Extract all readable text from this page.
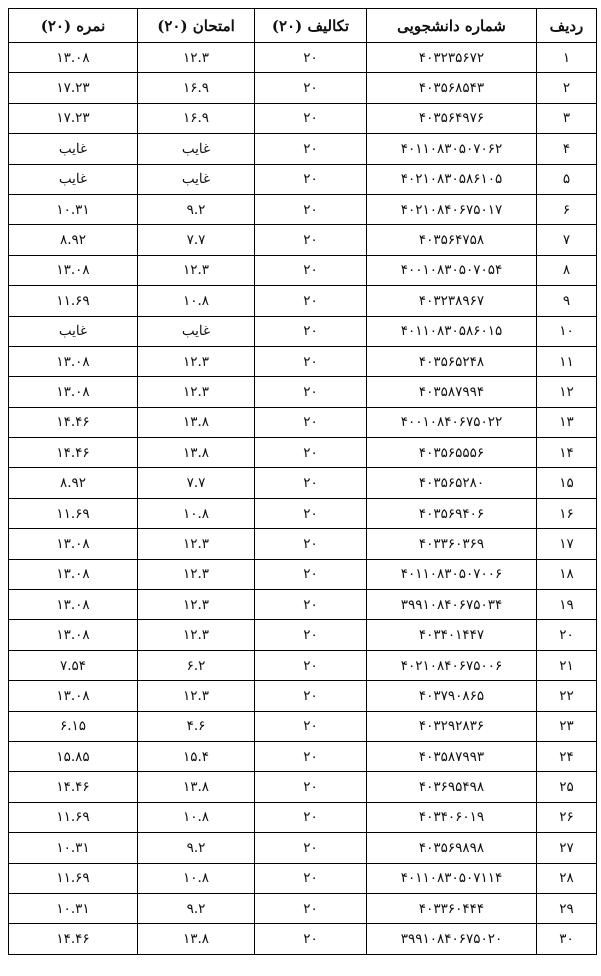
ردیف	شماره دانشجویی	تکالیف (۲۰)	امتحان (۲۰)	نمره (۲۰)
۱	۴۰۳۲۳۵۶۷۲	۲۰	۱۲.۳	۱۳.۰۸
۲	۴۰۳۵۶۸۵۴۳	۲۰	۱۶.۹	۱۷.۲۳
۳	۴۰۳۵۶۴۹۷۶	۲۰	۱۶.۹	۱۷.۲۳
۴	۴۰۱۱۰۸۳۰۵۰۷۰۶۲	۲۰	غایب	غایب
۵	۴۰۲۱۰۸۳۰۵۸۶۱۰۵	۲۰	غایب	غایب
۶	۴۰۲۱۰۸۴۰۶۷۵۰۱۷	۲۰	۹.۲	۱۰.۳۱
۷	۴۰۳۵۶۴۷۵۸	۲۰	۷.۷	۸.۹۲
۸	۴۰۰۱۰۸۳۰۵۰۷۰۵۴	۲۰	۱۲.۳	۱۳.۰۸
۹	۴۰۳۲۳۸۹۶۷	۲۰	۱۰.۸	۱۱.۶۹
۱۰	۴۰۱۱۰۸۳۰۵۸۶۰۱۵	۲۰	غایب	غایب
۱۱	۴۰۳۵۶۵۲۴۸	۲۰	۱۲.۳	۱۳.۰۸
۱۲	۴۰۳۵۸۷۹۹۴	۲۰	۱۲.۳	۱۳.۰۸
۱۳	۴۰۰۱۰۸۴۰۶۷۵۰۲۲	۲۰	۱۳.۸	۱۴.۴۶
۱۴	۴۰۳۵۶۵۵۵۶	۲۰	۱۳.۸	۱۴.۴۶
۱۵	۴۰۳۵۶۵۲۸۰	۲۰	۷.۷	۸.۹۲
۱۶	۴۰۳۵۶۹۴۰۶	۲۰	۱۰.۸	۱۱.۶۹
۱۷	۴۰۳۳۶۰۳۶۹	۲۰	۱۲.۳	۱۳.۰۸
۱۸	۴۰۱۱۰۸۳۰۵۰۷۰۰۶	۲۰	۱۲.۳	۱۳.۰۸
۱۹	۳۹۹۱۰۸۴۰۶۷۵۰۳۴	۲۰	۱۲.۳	۱۳.۰۸
۲۰	۴۰۳۴۰۱۴۴۷	۲۰	۱۲.۳	۱۳.۰۸
۲۱	۴۰۲۱۰۸۴۰۶۷۵۰۰۶	۲۰	۶.۲	۷.۵۴
۲۲	۴۰۳۷۹۰۸۶۵	۲۰	۱۲.۳	۱۳.۰۸
۲۳	۴۰۳۲۹۲۸۳۶	۲۰	۴.۶	۶.۱۵
۲۴	۴۰۳۵۸۷۹۹۳	۲۰	۱۵.۴	۱۵.۸۵
۲۵	۴۰۳۶۹۵۴۹۸	۲۰	۱۳.۸	۱۴.۴۶
۲۶	۴۰۳۴۰۶۰۱۹	۲۰	۱۰.۸	۱۱.۶۹
۲۷	۴۰۳۵۶۹۸۹۸	۲۰	۹.۲	۱۰.۳۱
۲۸	۴۰۱۱۰۸۳۰۵۰۷۱۱۴	۲۰	۱۰.۸	۱۱.۶۹
۲۹	۴۰۳۳۶۰۴۴۴	۲۰	۹.۲	۱۰.۳۱
۳۰	۳۹۹۱۰۸۴۰۶۷۵۰۲۰	۲۰	۱۳.۸	۱۴.۴۶
